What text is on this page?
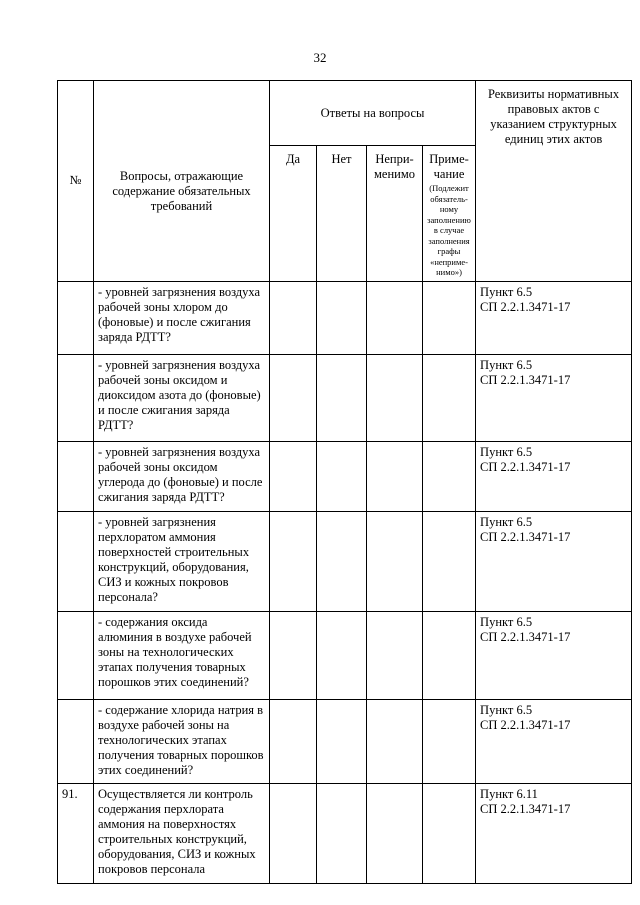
32
№	Вопросы, отражающие содержание обязательных требований	Ответы на вопросы				Реквизиты нормативных правовых актов с указанием структурных единиц этих актов
		Да	Нет	Непри-менимо	Приме-чание
(Подлежит обязатель-ному заполнению в случае заполнения графы «неприме-нимо»)	

	- уровней загрязнения воздуха рабочей зоны хлором до (фоновые) и после сжигания заряда РДТТ?					Пункт 6.5
СП 2.2.1.3471-17

	- уровней загрязнения воздуха рабочей зоны оксидом и диоксидом азота до (фоновые) и после сжигания заряда РДТТ?					Пункт 6.5
СП 2.2.1.3471-17

	- уровней загрязнения воздуха рабочей зоны оксидом углерода до (фоновые) и после сжигания заряда РДТТ?					Пункт 6.5
СП 2.2.1.3471-17

	- уровней загрязнения перхлоратом аммония поверхностей строительных конструкций, оборудования, СИЗ и кожных покровов персонала?					Пункт 6.5
СП 2.2.1.3471-17

	- содержания оксида алюминия в воздухе рабочей зоны на технологических этапах получения товарных порошков этих соединений?					Пункт 6.5
СП 2.2.1.3471-17

	- содержание хлорида натрия в воздухе рабочей зоны на технологических этапах получения товарных порошков этих соединений?					Пункт 6.5
СП 2.2.1.3471-17

91.	Осуществляется ли контроль содержания перхлората аммония на поверхностях строительных конструкций, оборудования, СИЗ и кожных покровов персонала					Пункт 6.11
СП 2.2.1.3471-17
